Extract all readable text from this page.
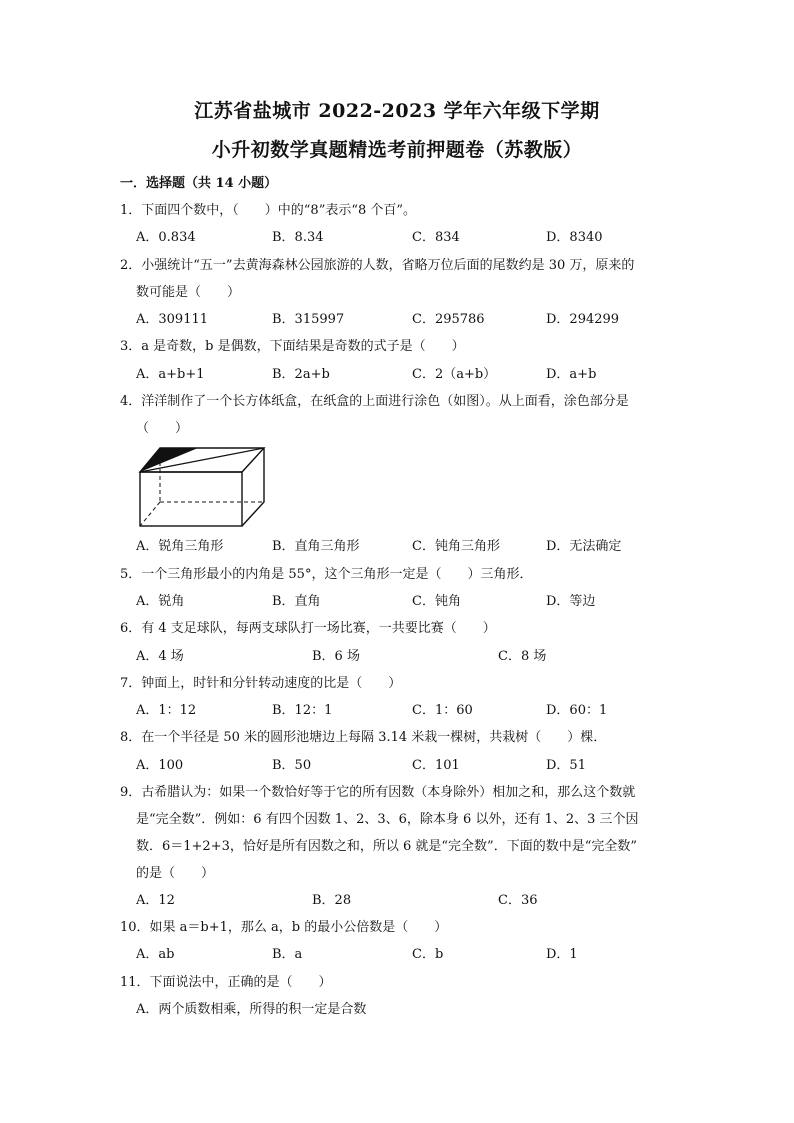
江苏省盐城市 2022-2023 学年六年级下学期
小升初数学真题精选考前押题卷（苏教版）
一．选择题（共 14 小题）
1．下面四个数中，（　　）中的“8”表示“8 个百”。
A．0.834	B．8.34	C．834	D．8340
2．小强统计“五一”去黄海森林公园旅游的人数，省略万位后面的尾数约是 30 万，原来的
数可能是（　　）
A．309111	B．315997	C．295786	D．294299
3．a 是奇数，b 是偶数，下面结果是奇数的式子是（　　）
A．a+b+1	B．2a+b	C．2（a+b）	D．a+b
4．洋洋制作了一个长方体纸盒，在纸盒的上面进行涂色（如图）。从上面看，涂色部分是
（　　）
A．锐角三角形	B．直角三角形	C．钝角三角形	D．无法确定
5．一个三角形最小的内角是 55°，这个三角形一定是（　　）三角形．
A．锐角	B．直角	C．钝角	D．等边
6．有 4 支足球队，每两支球队打一场比赛，一共要比赛（　　）
A．4 场	B．6 场	C．8 场
7．钟面上，时针和分针转动速度的比是（　　）
A．1：12	B．12：1	C．1：60	D．60：1
8．在一个半径是 50 米的圆形池塘边上每隔 3.14 米栽一棵树，共栽树（　　）棵．
A．100	B．50	C．101	D．51
9．古希腊认为：如果一个数恰好等于它的所有因数（本身除外）相加之和，那么这个数就
是“完全数”．例如：6 有四个因数 1、2、3、6，除本身 6 以外，还有 1、2、3 三个因
数．6＝1+2+3，恰好是所有因数之和，所以 6 就是“完全数”．下面的数中是“完全数”
的是（　　）
A．12	B．28	C．36
10．如果 a＝b+1，那么 a，b 的最小公倍数是（　　）
A．ab	B．a	C．b	D．1
11．下面说法中，正确的是（　　）
A．两个质数相乘，所得的积一定是合数
